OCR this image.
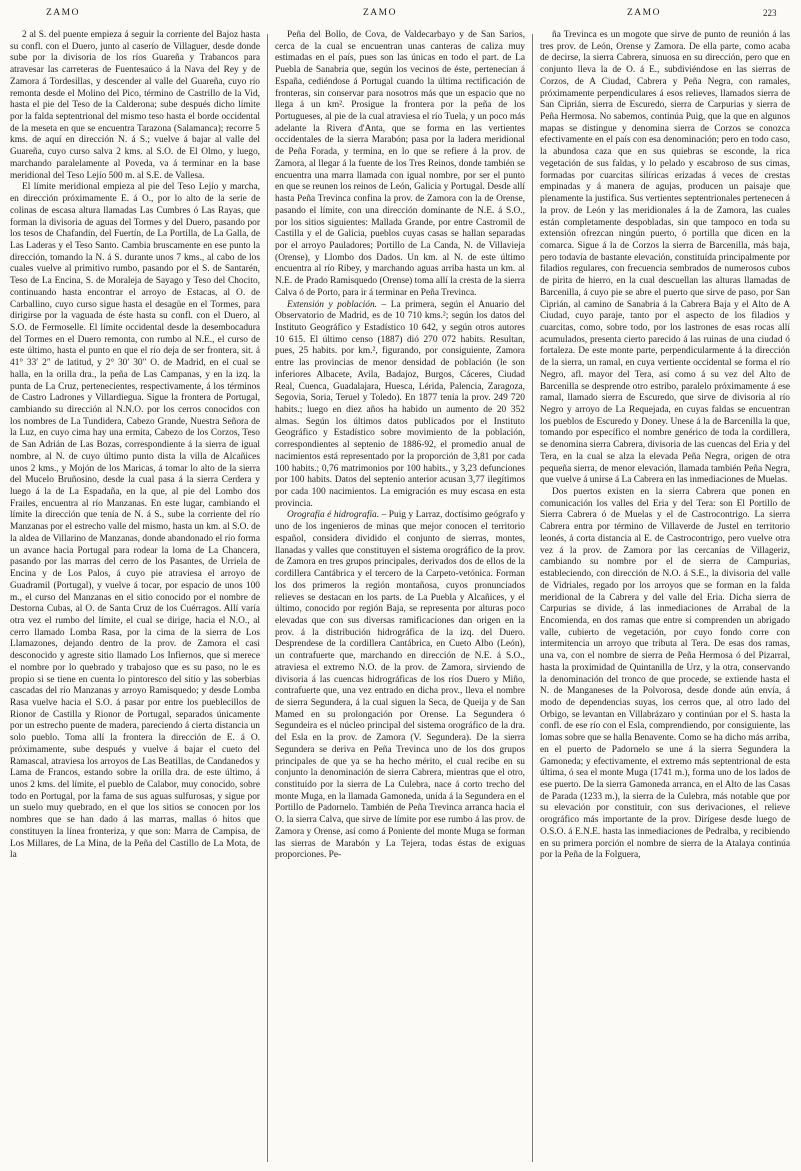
ZAMO	ZAMO	ZAMO	223

2 al S. del puente empieza á seguir la corriente del Bajoz hasta su confl. con el Duero, junto al caserío de Villaguer, desde donde sube por la divisoria de los ríos Guareña y Trabancos para atravesar las carreteras de Fuentesaúco á la Nava del Rey y de Zamora á Tordesillas, y descender al valle del Guareña, cuyo río remonta desde el Molino del Pico, término de Castrillo de la Vid, hasta el pie del Teso de la Calderona; sube después dicho límite por la falda septentrional del mismo teso hasta el borde occidental de la meseta en que se encuentra Tarazona (Salamanca); recorre 5 kms. de aquí en dirección N. á S.; vuelve á bajar al valle del Guareña, cuyo curso salva 2 kms. al S.O. de El Olmo, y luego, marchando paralelamente al Poveda, va á terminar en la base meridional del Teso Lejío 500 m. al S.E. de Vallesa.

El límite meridional empieza al pie del Teso Lejío y marcha, en dirección próximamente E. á O., por lo alto de la serie de colinas de escasa altura llamadas Las Cumbres ó Las Rayas, que forman la divisoria de aguas del Tormes y del Duero, pasando por los tesos de Chafandín, del Fuertín, de La Portilla, de La Galla, de Las Laderas y el Teso Santo. Cambia bruscamente en ese punto la dirección, tomando la N. á S. durante unos 7 kms., al cabo de los cuales vuelve al primitivo rumbo, pasando por el S. de Santarén, Teso de La Encina, S. de Moraleja de Sayago y Teso del Chocito, continuando hasta encontrar el arroyo de Estacas, al O. de Carballino, cuyo curso sigue hasta el desagüe en el Tormes, para dirigirse por la vaguada de éste hasta su confl. con el Duero, al S.O. de Fermoselle. El límite occidental desde la desembocadura del Tormes en el Duero remonta, con rumbo al N.E., el curso de este último, hasta el punto en que el río deja de ser frontera, sit. á 41° 33′ 2″ de latitud, y 2° 30′ 30″ O. de Madrid, en el cual se halla, en la orilla dra., la peña de Las Campanas, y en la izq. la punta de La Cruz, pertenecientes, respectivamente, á los términos de Castro Ladrones y Villardiegua. Sigue la frontera de Portugal, cambiando su dirección al N.N.O. por los cerros conocidos con los nombres de La Tundidera, Cabezo Grande, Nuestra Señora de la Luz, en cuyo cima hay una ermita, Cabezo de los Corzos, Teso de San Adrián de Las Bozas, correspondiente á la sierra de igual nombre, al N. de cuyo último punto dista la villa de Alcañices unos 2 kms., y Mojón de los Maricas, á tomar lo alto de la sierra del Mucelo Bruñosino, desde la cual pasa á la sierra Cerdera y luego á la de La Espadaña, en la que, al pie del Lombo dos Frailes, encuentra al río Manzanas. En este lugar, cambiando el límite la dirección que tenía de N. á S., sube la corriente del río Manzanas por el estrecho valle del mismo, hasta un km. al S.O. de la aldea de Villarino de Manzanas, donde abandonado el río forma un avance hacia Portugal para rodear la loma de La Chancera, pasando por las marras del cerro de los Pasantes, de Urriela de Encina y de Los Palos, á cuyo pie atraviesa el arroyo de Guadramil (Portugal), y vuelve á tocar, por espacio de unos 100 m., el curso del Manzanas en el sitio conocido por el nombre de Destorna Cubas, al O. de Santa Cruz de los Cuérragos. Allí varía otra vez el rumbo del límite, el cual se dirige, hacia el N.O., al cerro llamado Lomba Rasa, por la cima de la sierra de Los Llamazones, dejando dentro de la prov. de Zamora el casi desconocido y agreste sitio llamado Los Infiernos, que si merece el nombre por lo quebrado y trabajoso que es su paso, no le es propio si se tiene en cuenta lo pintoresco del sitio y las soberbias cascadas del río Manzanas y arroyo Ramisquedo; y desde Lomba Rasa vuelve hacia el S.O. á pasar por entre los pueblecillos de Rionor de Castilla y Rionor de Portugal, separados únicamente por un estrecho puente de madera, pareciendo á cierta distancia un solo pueblo. Toma allí la frontera la dirección de E. á O. próximamente, sube después y vuelve á bajar el cueto del Ramascal, atraviesa los arroyos de Las Beatillas, de Candanedos y Lama de Francos, estando sobre la orilla dra. de este último, á unos 2 kms. del límite, el pueblo de Calabor, muy conocido, sobre todo en Portugal, por la fama de sus aguas sulfurosas, y sigue por un suelo muy quebrado, en el que los sitios se conocen por los nombres que se han dado á las marras, mallas ó hitos que constituyen la línea fronteriza, y que son: Marra de Campisa, de Los Millares, de La Mina, de la Peña del Castillo de La Mota, de la

Peña del Bollo, de Cova, de Valdecarbayo y de San Sarios, cerca de la cual se encuentran unas canteras de caliza muy estimadas en el país, pues son las únicas en todo el part. de La Puebla de Sanabria que, según los vecinos de éste, pertenecían á España, cediéndose á Portugal cuando la última rectificación de fronteras, sin conservar para nosotros más que un espacio que no llega á un km². Prosigue la frontera por la peña de los Portugueses, al pie de la cual atraviesa el río Tuela, y un poco más adelante la Rivera d'Anta, que se forma en las vertientes occidentales de la sierra Marabón; pasa por la ladera meridional de Peña Forada, y termina, en lo que se refiere á la prov. de Zamora, al llegar á la fuente de los Tres Reinos, donde también se encuentra una marra llamada con igual nombre, por ser el punto en que se reunen los reinos de León, Galicia y Portugal. Desde allí hasta Peña Trevinca confina la prov. de Zamora con la de Orense, pasando el límite, con una dirección dominante de N.E. á S.O., por los sitios siguientes: Mallada Grande, por entre Castromil de Castilla y el de Galicia, pueblos cuyas casas se hallan separadas por el arroyo Pauladores; Portillo de La Canda, N. de Villavieja (Orense), y Llombo dos Dados. Un km. al N. de este último encuentra al río Ribey, y marchando aguas arriba hasta un km. al N.E. de Prado Ramisquedo (Orense) toma allí la cresta de la sierra Calva ó de Porto, para ir á terminar en Peña Trevinca.

Extensión y población. – La primera, según el Anuario del Observatorio de Madrid, es de 10 710 kms.²; según los datos del Instituto Geográfico y Estadístico 10 642, y según otros autores 10 615. El último censo (1887) dió 270 072 habits. Resultan, pues, 25 habits. por km.², figurando, por consiguiente, Zamora entre las provincias de menor densidad de población (le son inferiores Albacete, Avila, Badajoz, Burgos, Cáceres, Ciudad Real, Cuenca, Guadalajara, Huesca, Lérida, Palencia, Zaragoza, Segovia, Soria, Teruel y Toledo). En 1877 tenía la prov. 249 720 habits.; luego en diez años ha habido un aumento de 20 352 almas. Según los últimos datos publicados por el Instituto Geográfico y Estadístico sobre movimiento de la población, correspondientes al septenio de 1886-92, el promedio anual de nacimientos está representado por la proporción de 3,81 por cada 100 habits.; 0,76 matrimonios por 100 habits., y 3,23 defunciones por 100 habits. Datos del septenio anterior acusan 3,77 ilegítimos por cada 100 nacimientos. La emigración es muy escasa en esta provincia.

Orografía é hidrografía. – Puig y Larraz, doctísimo geógrafo y uno de los ingenieros de minas que mejor conocen el territorio español, considera dividido el conjunto de sierras, montes, llanadas y valles que constituyen el sistema orográfico de la prov. de Zamora en tres grupos principales, derivados dos de ellos de la cordillera Cantábrica y el tercero de la Carpeto-vetónica. Forman los dos primeros la región montañosa, cuyos pronunciados relieves se destacan en los parts. de La Puebla y Alcañices, y el último, conocido por región Baja, se representa por alturas poco elevadas que con sus diversas ramificaciones dan origen en la prov. á la distribución hidrográfica de la izq. del Duero. Desprendese de la cordillera Cantábrica, en Cueto Albo (León), un contrafuerte que, marchando en dirección de N.E. á S.O., atraviesa el extremo N.O. de la prov. de Zamora, sirviendo de divisoria á las cuencas hidrográficas de los ríos Duero y Miño, contrafuerte que, una vez entrado en dicha prov., lleva el nombre de sierra Segundera, á la cual siguen la Seca, de Queija y de San Mamed en su prolongación por Orense. La Segundera ó Segundeira es el núcleo principal del sistema orográfico de la dra. del Esla en la prov. de Zamora (V. Segundera). De la sierra Segundera se deriva en Peña Trevinca uno de los dos grupos principales de que ya se ha hecho mérito, el cual recibe en su conjunto la denominación de sierra Cabrera, mientras que el otro, constituído por la sierra de La Culebra, nace á corto trecho del monte Muga, en la llamada Gamoneda, unida á la Segundera en el Portillo de Padornelo. También de Peña Trevinca arranca hacia el O. la sierra Calva, que sirve de límite por ese rumbo á las prov. de Zamora y Orense, así como á Poniente del monte Muga se forman las sierras de Marabón y La Tejera, todas éstas de exiguas proporciones. Pe-

ña Trevinca es un mogote que sirve de punto de reunión á las tres prov. de León, Orense y Zamora. De ella parte, como acaba de decirse, la sierra Cabrera, sinuosa en su dirección, pero que en conjunto lleva la de O. á E., subdiviéndose en las sierras de Corzos, de A Ciudad, Cabrera y Peña Negra, con ramales, próximamente perpendiculares á esos relieves, llamados sierra de San Ciprián, sierra de Escuredo, sierra de Carpurias y sierra de Peña Hermosa. No sabemos, continúa Puig, que la que en algunos mapas se distingue y denomina sierra de Corzos se conozca efectivamente en el país con esa denominación; pero en todo caso, la abundosa caza que en sus quiebras se esconde, la rica vegetación de sus faldas, y lo pelado y escabroso de sus cimas, formadas por cuarcitas silíricas erizadas á veces de crestas empinadas y á manera de agujas, producen un paisaje que plenamente la justifica. Sus vertientes septentrionales pertenecen á la prov. de León y las meridionales á la de Zamora, las cuales están completamente despobladas, sin que tampoco en toda su extensión ofrezcan ningún puerto, ó portilla que dicen en la comarca. Sigue á la de Corzos la sierra de Barcenilla, más baja, pero todavía de bastante elevación, constituída principalmente por filadios regulares, con frecuencia sembrados de numerosos cubos de pirita de hierro, en la cual descuellan las alturas llamadas de Barcenilla, á cuyo pie se abre el puerto que sirve de paso, por San Ciprián, al camino de Sanabria á la Cabrera Baja y el Alto de A Ciudad, cuyo paraje, tanto por el aspecto de los filadios y cuarcitas, como, sobre todo, por los lastrones de esas rocas allí acumulados, presenta cierto parecido á las ruinas de una ciudad ó fortaleza. De este monte parte, perpendicularmente á la dirección de la sierra, un ramal, en cuya vertiente occidental se forma el río Negro, afl. mayor del Tera, así como á su vez del Alto de Barcenilla se desprende otro estribo, paralelo próximamente á ese ramal, llamado sierra de Escuredo, que sirve de divisoria al río Negro y arroyo de La Requejada, en cuyas faldas se encuentran los pueblos de Escuredo y Doney. Unese á la de Barcenilla la que, tomando por específico el nombre genérico de toda la cordillera, se denomina sierra Cabrera, divisoria de las cuencas del Eria y del Tera, en la cual se alza la elevada Peña Negra, origen de otra pequeña sierra, de menor elevación, llamada también Peña Negra, que vuelve á unirse á La Cabrera en las inmediaciones de Muelas.

Dos puertos existen en la sierra Cabrera que ponen en comunicación los valles del Eria y del Tera: son El Portillo de Sierra Cabrera ó de Muelas y el de Castrocontrigo. La sierra Cabrera entra por término de Villaverde de Justel en territorio leonés, á corta distancia al E. de Castrocontrigo, pero vuelve otra vez á la prov. de Zamora por las cercanías de Villageriz, cambiando su nombre por el de sierra de Campurias, estableciendo, con dirección de N.O. á S.E., la divisoria del valle de Vidriales, regado por los arroyos que se forman en la falda meridional de la Cabrera y del valle del Eria. Dicha sierra de Carpurias se divide, á las inmediaciones de Arrabal de la Encomienda, en dos ramas que entre sí comprenden un abrigado valle, cubierto de vegetación, por cuyo fondo corre con intermitencia un arroyo que tributa al Tera. De esas dos ramas, una va, con el nombre de sierra de Peña Hermosa ó del Pizarral, hasta la proximidad de Quintanilla de Urz, y la otra, conservando la denominación del tronco de que procede, se extiende hasta el N. de Manganeses de la Polvorosa, desde donde aún envía, á modo de dependencias suyas, los cerros que, al otro lado del Orbigo, se levantan en Villabrázaro y continúan por el S. hasta la confl. de ese río con el Esla, comprendiendo, por consiguiente, las lomas sobre que se halla Benavente. Como se ha dicho más arriba, en el puerto de Padornelo se une á la sierra Segundera la Gamoneda; y efectivamente, el extremo más septentrional de esta última, ó sea el monte Muga (1741 m.), forma uno de los lados de ese puerto. De la sierra Gamoneda arranca, en el Alto de las Casas de Parada (1233 m.), la sierra de la Culebra, más notable que por su elevación por constituir, con sus derivaciones, el relieve orográfico más importante de la prov. Dirígese desde luego de O.S.O. á E.N.E. hasta las inmediaciones de Pedralba, y recibiendo en su primera porción el nombre de sierra de la Atalaya continúa por la Peña de la Folguera,
